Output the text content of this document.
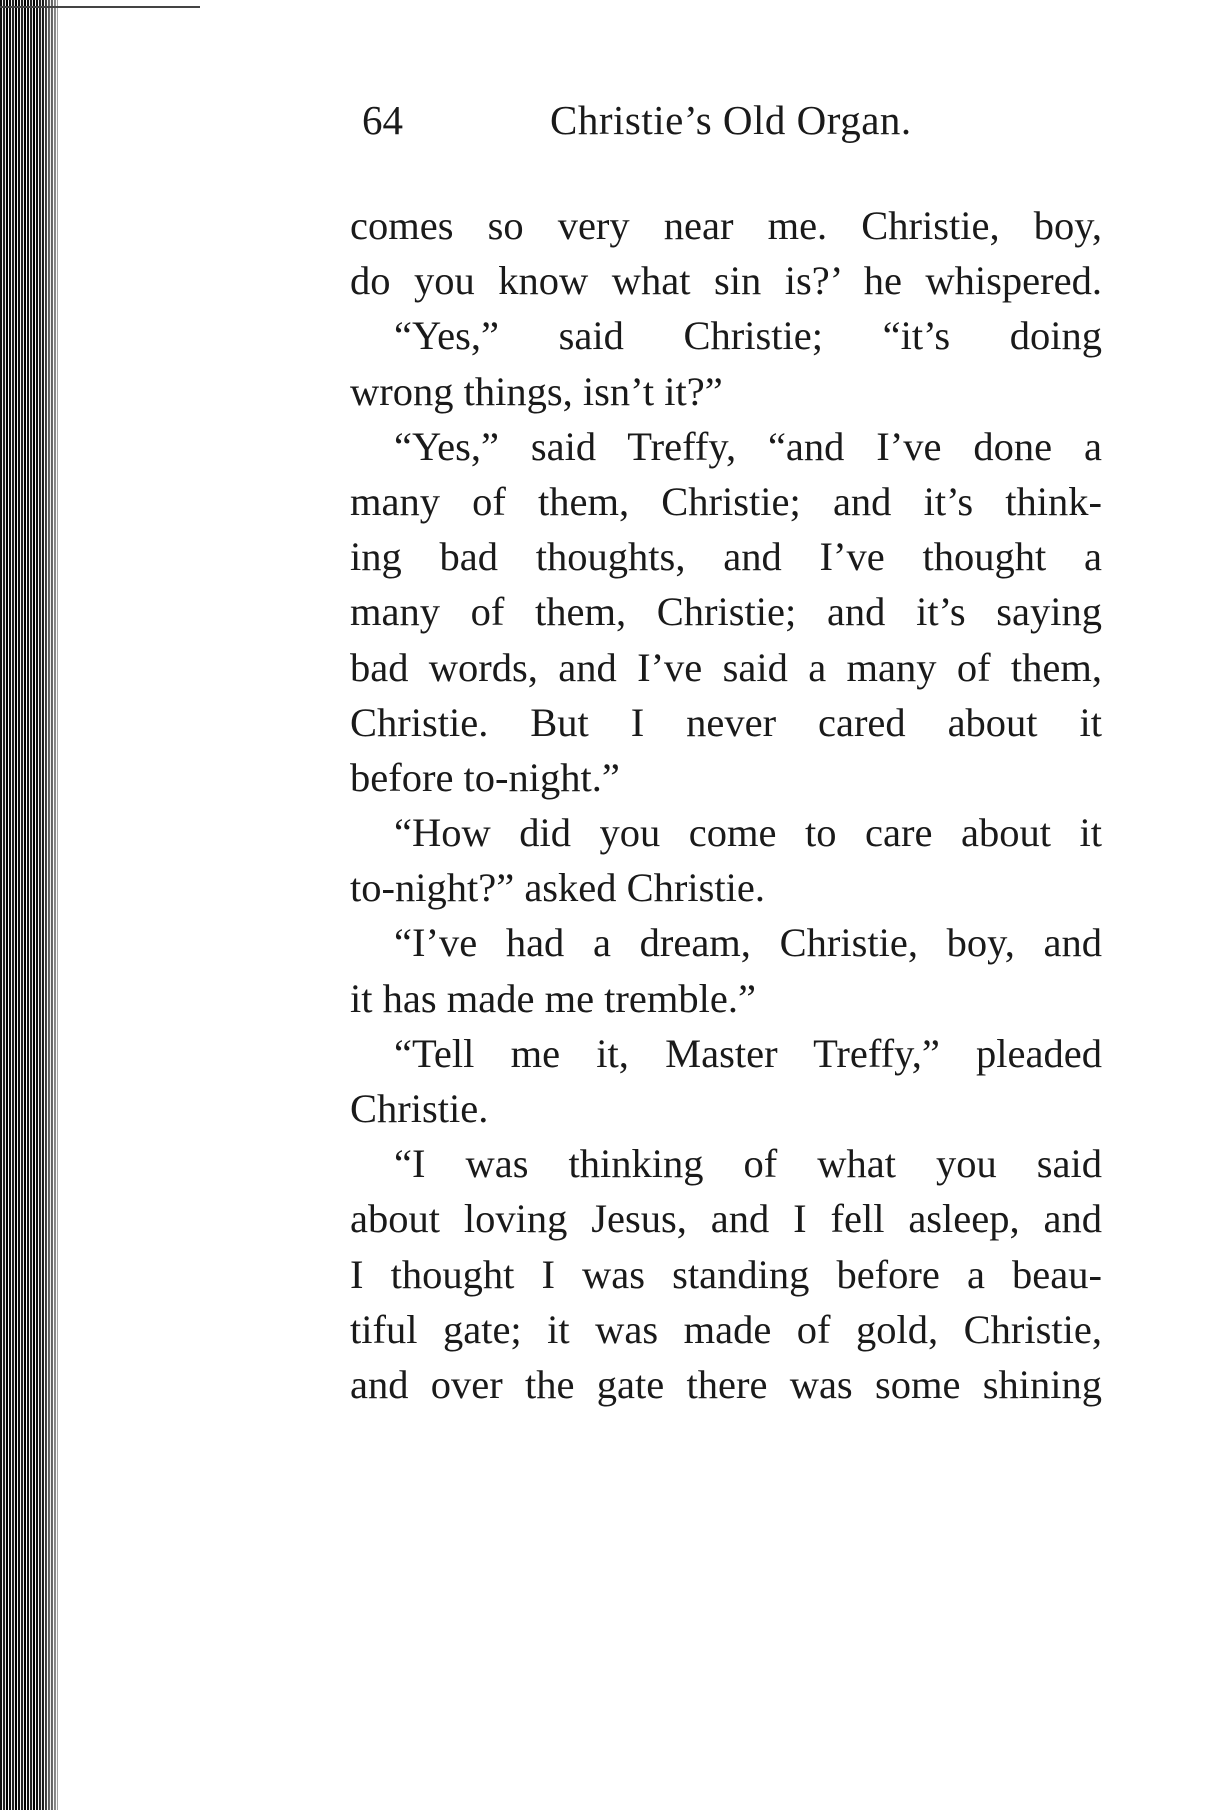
64	Christie’s Old Organ.
comes so very near me. Christie, boy,
do you know what sin is?’ he whispered.
“Yes,” said Christie; “it’s doing
wrong things, isn’t it?”
“Yes,” said Treffy, “and I’ve done a
many of them, Christie; and it’s think-
ing bad thoughts, and I’ve thought a
many of them, Christie; and it’s saying
bad words, and I’ve said a many of them,
Christie. But I never cared about it
before to-night.”
“How did you come to care about it
to-night?” asked Christie.
“I’ve had a dream, Christie, boy, and
it has made me tremble.”
“Tell me it, Master Treffy,” pleaded
Christie.
“I was thinking of what you said
about loving Jesus, and I fell asleep, and
I thought I was standing before a beau-
tiful gate; it was made of gold, Christie,
and over the gate there was some shining
